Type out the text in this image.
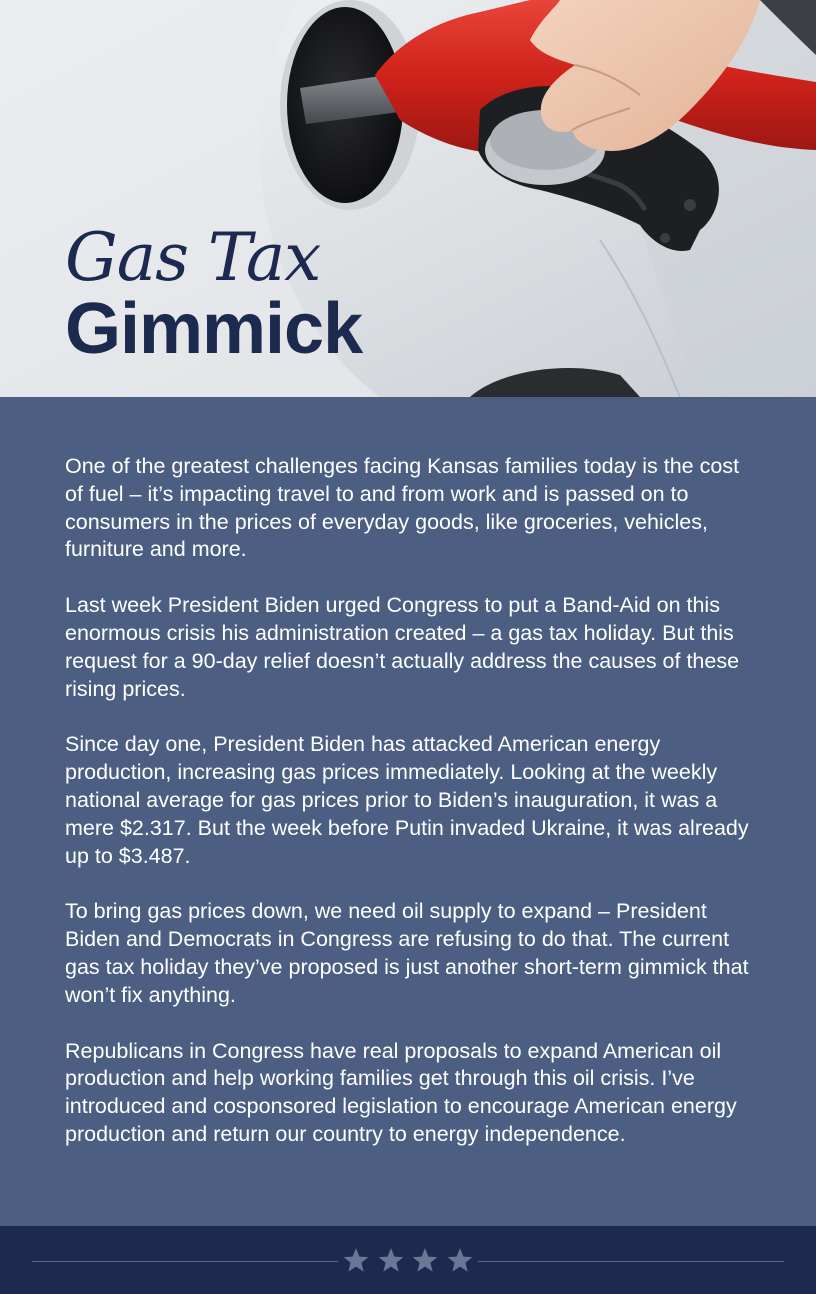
Gas Tax
Gimmick

One of the greatest challenges facing Kansas families today is the cost of fuel – it’s impacting travel to and from work and is passed on to consumers in the prices of everyday goods, like groceries, vehicles, furniture and more.

Last week President Biden urged Congress to put a Band-Aid on this enormous crisis his administration created – a gas tax holiday. But this request for a 90-day relief doesn’t actually address the causes of these rising prices.

Since day one, President Biden has attacked American energy production, increasing gas prices immediately. Looking at the weekly national average for gas prices prior to Biden’s inauguration, it was a mere $2.317. But the week before Putin invaded Ukraine, it was already up to $3.487.

To bring gas prices down, we need oil supply to expand – President Biden and Democrats in Congress are refusing to do that. The current gas tax holiday they’ve proposed is just another short-term gimmick that won’t fix anything.

Republicans in Congress have real proposals to expand American oil production and help working families get through this oil crisis. I’ve introduced and cosponsored legislation to encourage American energy production and return our country to energy independence.
